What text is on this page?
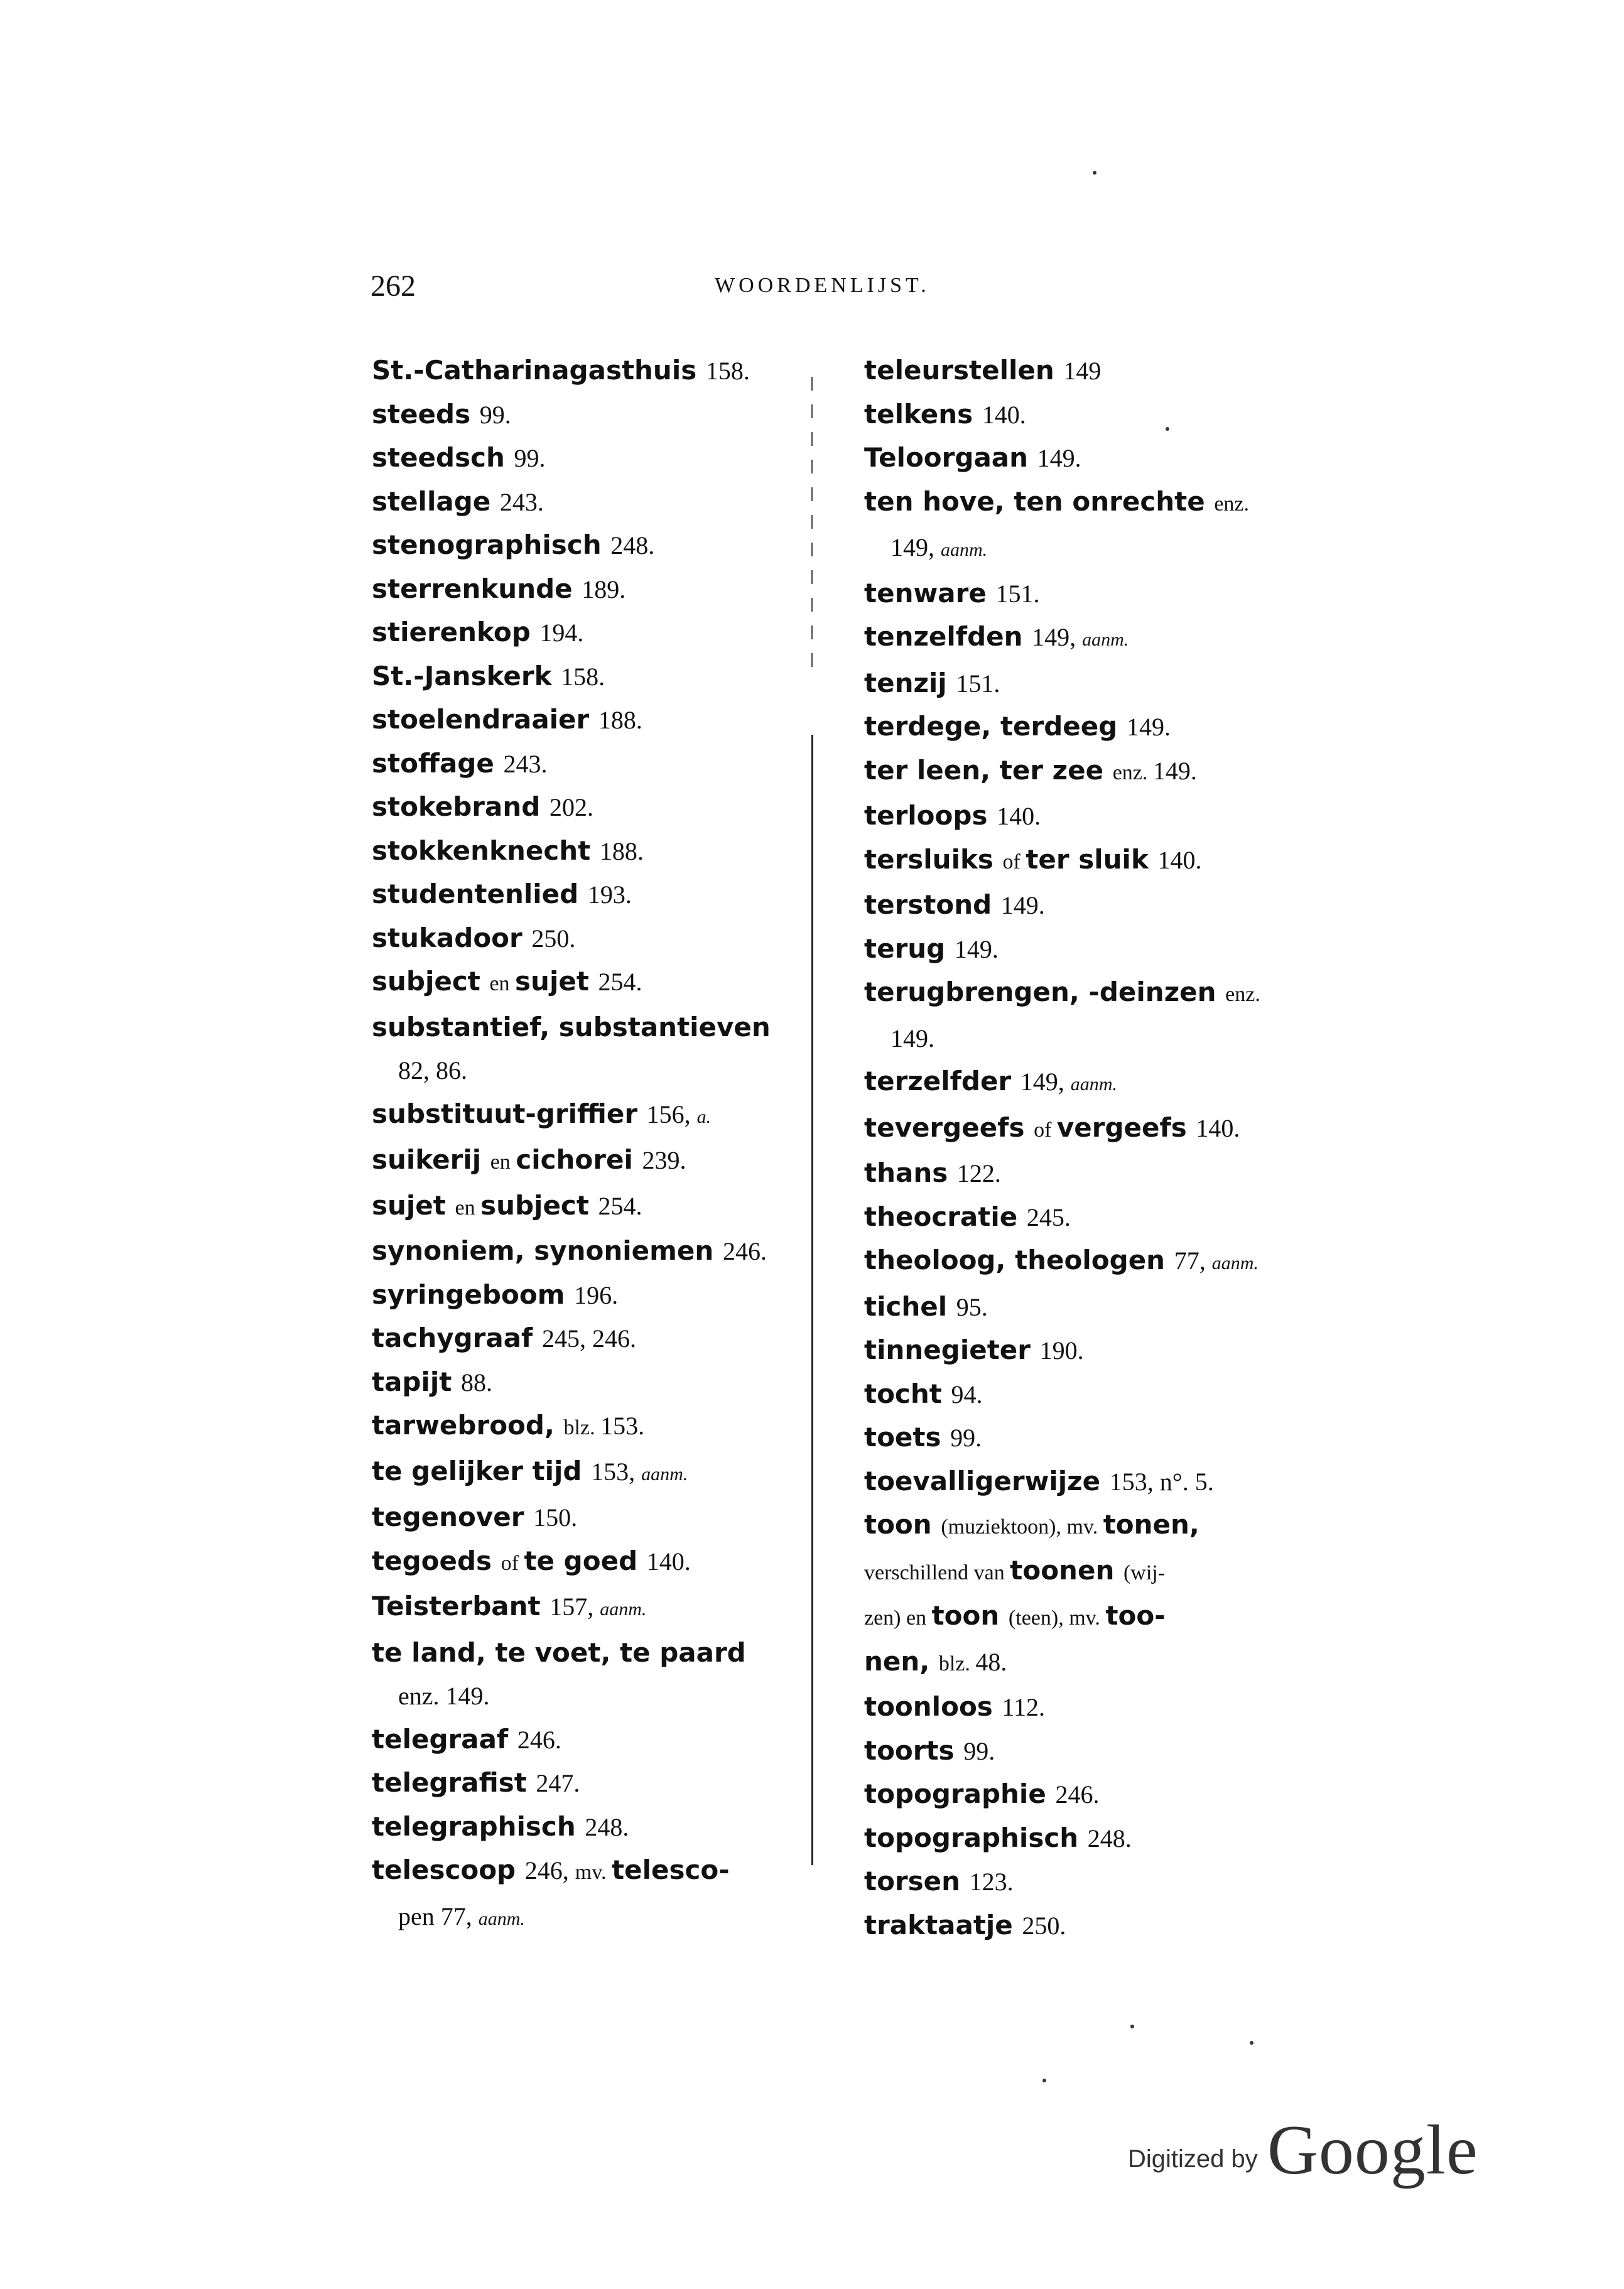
262	WOORDENLIJST.
St.-Catharinagasthuis 158.
steeds 99.
steedsch 99.
stellage 243.
stenographisch 248.
sterrenkunde 189.
stierenkop 194.
St.-Janskerk 158.
stoelendraaier 188.
stoffage 243.
stokebrand 202.
stokkenknecht 188.
studentenlied 193.
stukadoor 250.
subject en sujet 254.
substantief, substantieven
82, 86.
substituut-griffier 156, a.
suikerij en cichorei 239.
sujet en subject 254.
synoniem, synoniemen 246.
syringeboom 196.
tachygraaf 245, 246.
tapijt 88.
tarwebrood, blz. 153.
te gelijker tijd 153, aanm.
tegenover 150.
tegoeds of te goed 140.
Teisterbant 157, aanm.
te land, te voet, te paard
enz. 149.
telegraaf 246.
telegrafist 247.
telegraphisch 248.
telescoop 246, mv. telesco-
pen 77, aanm.
teleurstellen 149
telkens 140.
Teloorgaan 149.
ten hove, ten onrechte enz.
149, aanm.
tenware 151.
tenzelfden 149, aanm.
tenzij 151.
terdege, terdeeg 149.
ter leen, ter zee enz. 149.
terloops 140.
tersluiks of ter sluik 140.
terstond 149.
terug 149.
terugbrengen, -deinzen enz.
149.
terzelfder 149, aanm.
tevergeefs of vergeefs 140.
thans 122.
theocratie 245.
theoloog, theologen 77, aanm.
tichel 95.
tinnegieter 190.
tocht 94.
toets 99.
toevalligerwijze 153, n°. 5.
toon (muziektoon), mv. tonen,
verschillend van toonen (wij-
zen) en toon (teen), mv. too-
nen, blz. 48.
toonloos 112.
toorts 99.
topographie 246.
topographisch 248.
torsen 123.
traktaatje 250.
Digitized by Google
